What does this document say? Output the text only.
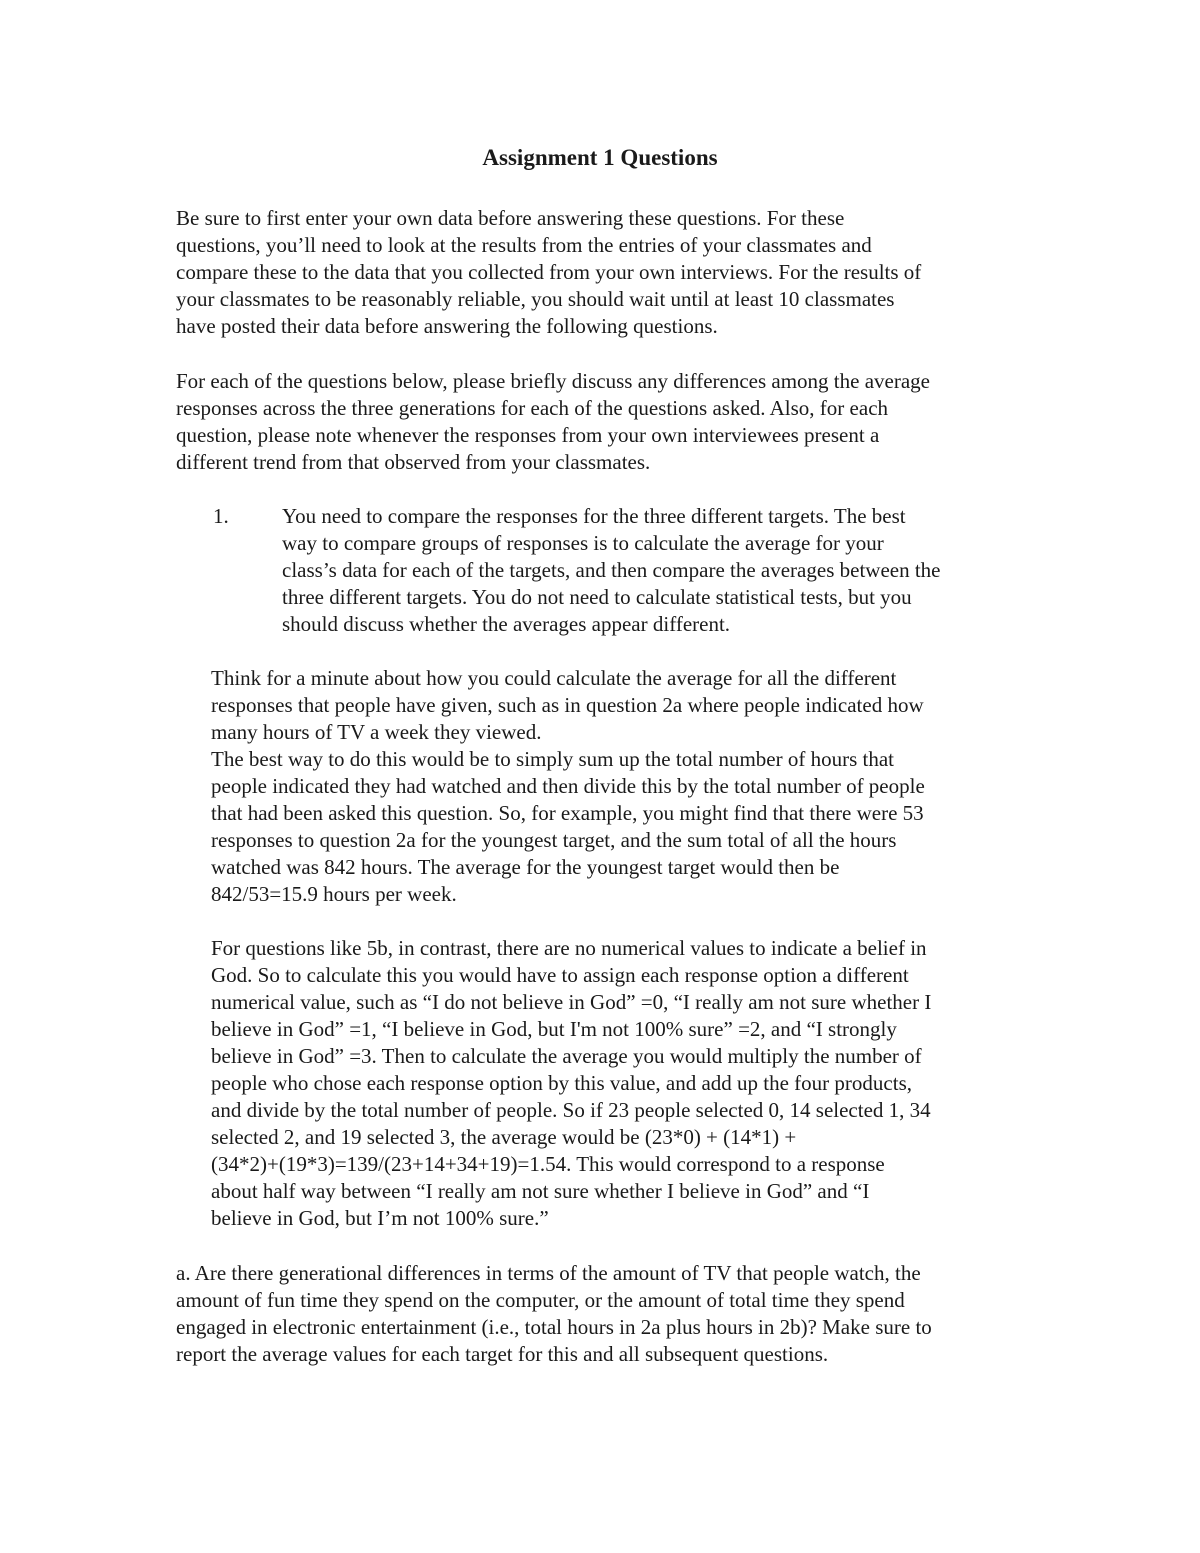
Assignment 1 Questions

Be sure to first enter your own data before answering these questions. For these
questions, you’ll need to look at the results from the entries of your classmates and
compare these to the data that you collected from your own interviews. For the results of
your classmates to be reasonably reliable, you should wait until at least 10 classmates
have posted their data before answering the following questions.

For each of the questions below, please briefly discuss any differences among the average
responses across the three generations for each of the questions asked. Also, for each
question, please note whenever the responses from your own interviewees present a
different trend from that observed from your classmates.

1.	You need to compare the responses for the three different targets. The best
way to compare groups of responses is to calculate the average for your
class’s data for each of the targets, and then compare the averages between the
three different targets. You do not need to calculate statistical tests, but you
should discuss whether the averages appear different.

Think for a minute about how you could calculate the average for all the different
responses that people have given, such as in question 2a where people indicated how
many hours of TV a week they viewed.

The best way to do this would be to simply sum up the total number of hours that
people indicated they had watched and then divide this by the total number of people
that had been asked this question. So, for example, you might find that there were 53
responses to question 2a for the youngest target, and the sum total of all the hours
watched was 842 hours. The average for the youngest target would then be
842/53=15.9 hours per week.

For questions like 5b, in contrast, there are no numerical values to indicate a belief in
God. So to calculate this you would have to assign each response option a different
numerical value, such as “I do not believe in God” =0, “I really am not sure whether I
believe in God” =1, “I believe in God, but I'm not 100% sure” =2, and “I strongly
believe in God” =3. Then to calculate the average you would multiply the number of
people who chose each response option by this value, and add up the four products,
and divide by the total number of people. So if 23 people selected 0, 14 selected 1, 34
selected 2, and 19 selected 3, the average would be (23*0) + (14*1) +
(34*2)+(19*3)=139/(23+14+34+19)=1.54. This would correspond to a response
about half way between “I really am not sure whether I believe in God” and “I
believe in God, but I’m not 100% sure.”

a. Are there generational differences in terms of the amount of TV that people watch, the
amount of fun time they spend on the computer, or the amount of total time they spend
engaged in electronic entertainment (i.e., total hours in 2a plus hours in 2b)? Make sure to
report the average values for each target for this and all subsequent questions.
